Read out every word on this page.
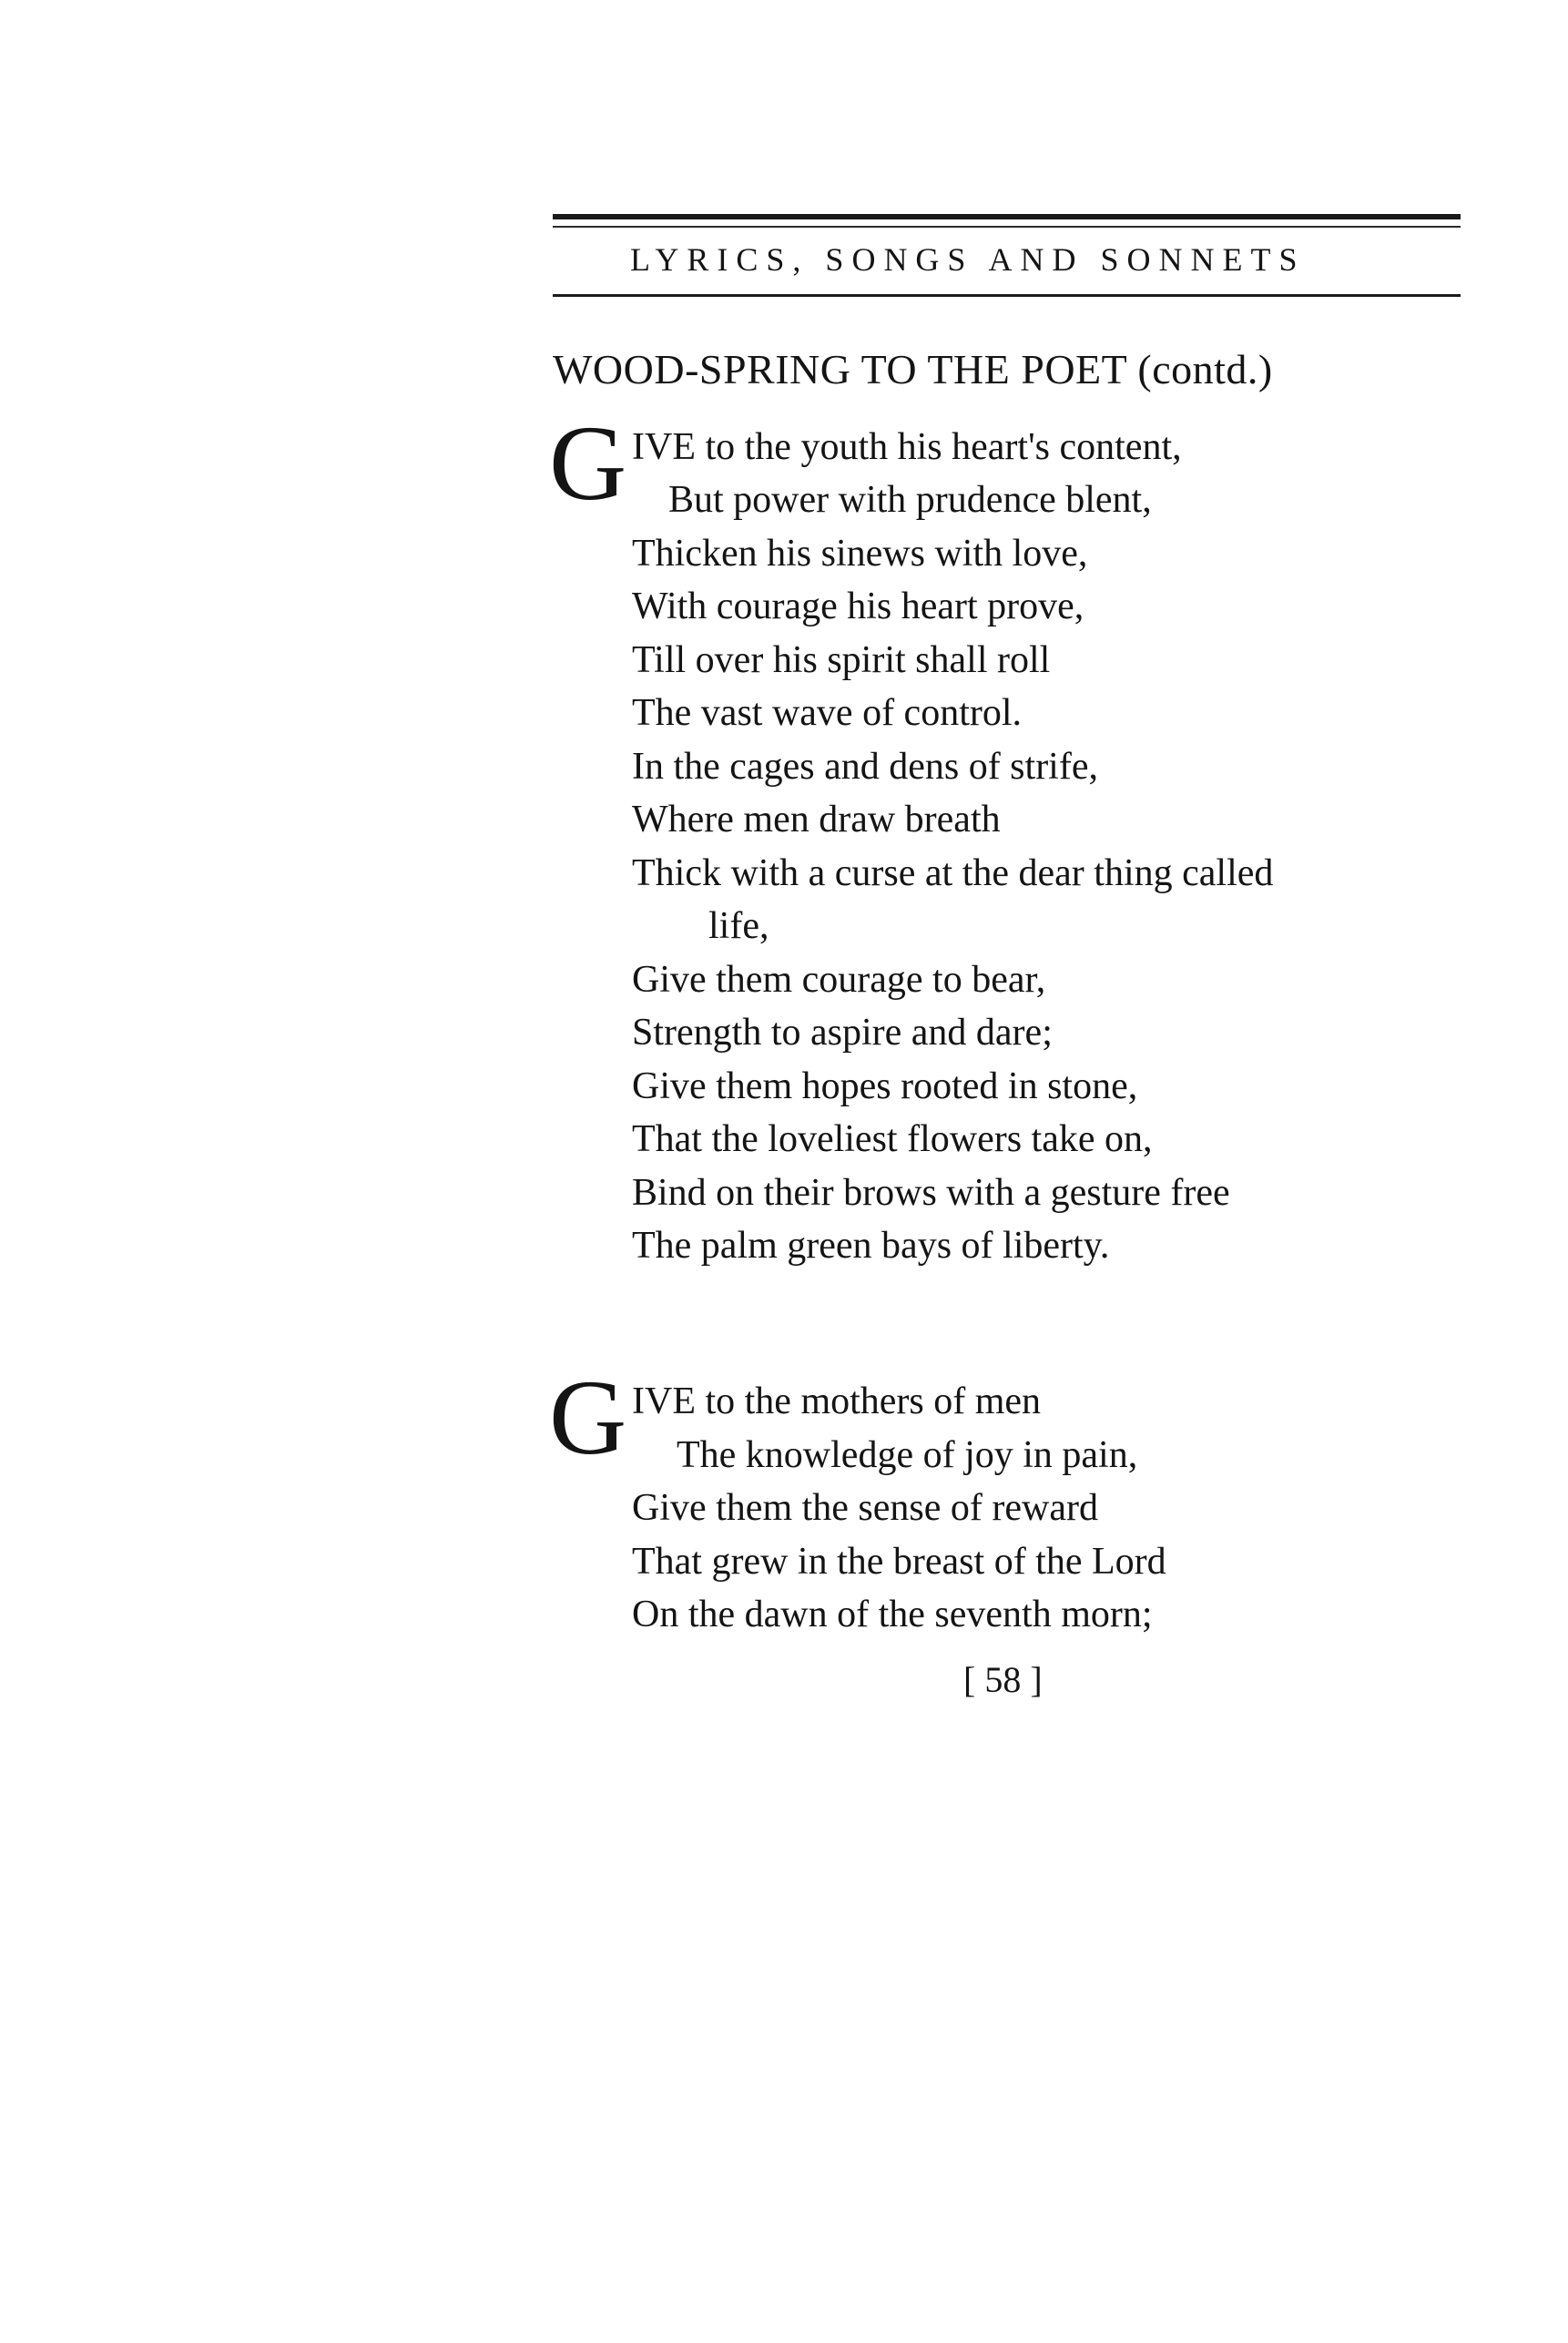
LYRICS, SONGS AND SONNETS
WOOD-SPRING TO THE POET (contd.)
G IVE to the youth his heart's content,
But power with prudence blent,
Thicken his sinews with love,
With courage his heart prove,
Till over his spirit shall roll
The vast wave of control.
In the cages and dens of strife,
Where men draw breath
Thick with a curse at the dear thing called
life,
Give them courage to bear,
Strength to aspire and dare;
Give them hopes rooted in stone,
That the loveliest flowers take on,
Bind on their brows with a gesture free
The palm green bays of liberty.
G IVE to the mothers of men
The knowledge of joy in pain,
Give them the sense of reward
That grew in the breast of the Lord
On the dawn of the seventh morn;
[ 58 ]
